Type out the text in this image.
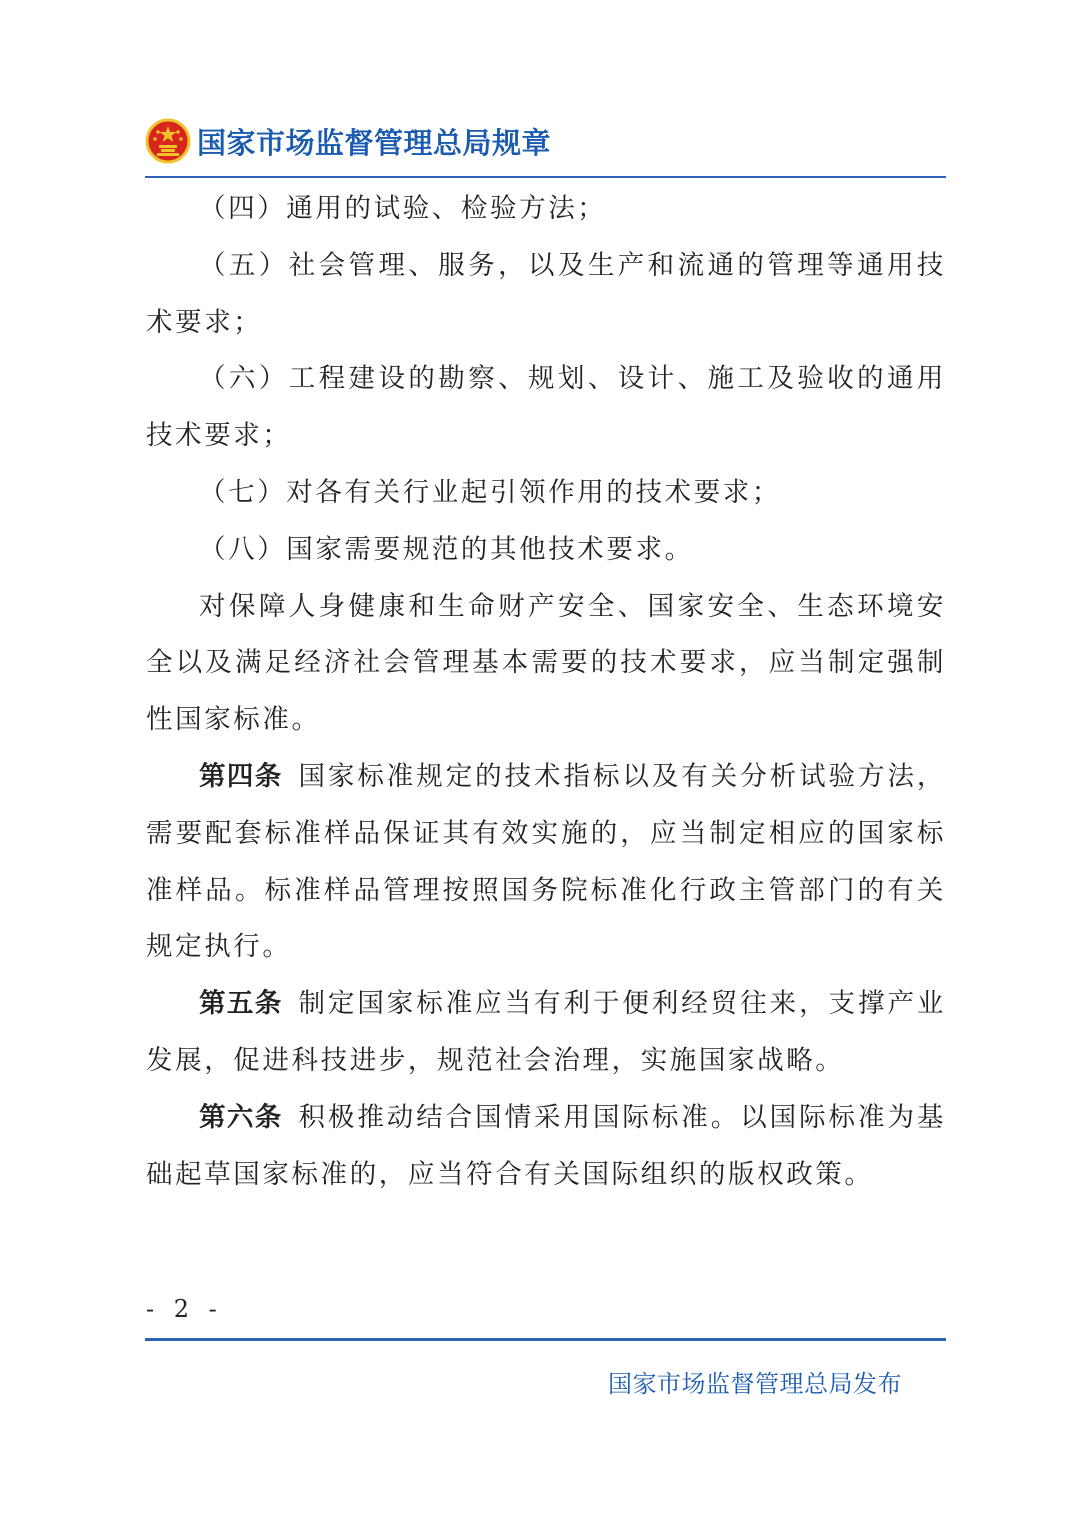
国家市场监督管理总局规章

（四）通用的试验、检验方法；

（五）社会管理、服务，以及生产和流通的管理等通用技术要求；

（六）工程建设的勘察、规划、设计、施工及验收的通用技术要求；

（七）对各有关行业起引领作用的技术要求；

（八）国家需要规范的其他技术要求。

对保障人身健康和生命财产安全、国家安全、生态环境安全以及满足经济社会管理基本需要的技术要求，应当制定强制性国家标准。

第四条 国家标准规定的技术指标以及有关分析试验方法，需要配套标准样品保证其有效实施的，应当制定相应的国家标准样品。标准样品管理按照国务院标准化行政主管部门的有关规定执行。

第五条 制定国家标准应当有利于便利经贸往来，支撑产业发展，促进科技进步，规范社会治理，实施国家战略。

第六条 积极推动结合国情采用国际标准。以国际标准为基础起草国家标准的，应当符合有关国际组织的版权政策。

- 2 -
国家市场监督管理总局发布
